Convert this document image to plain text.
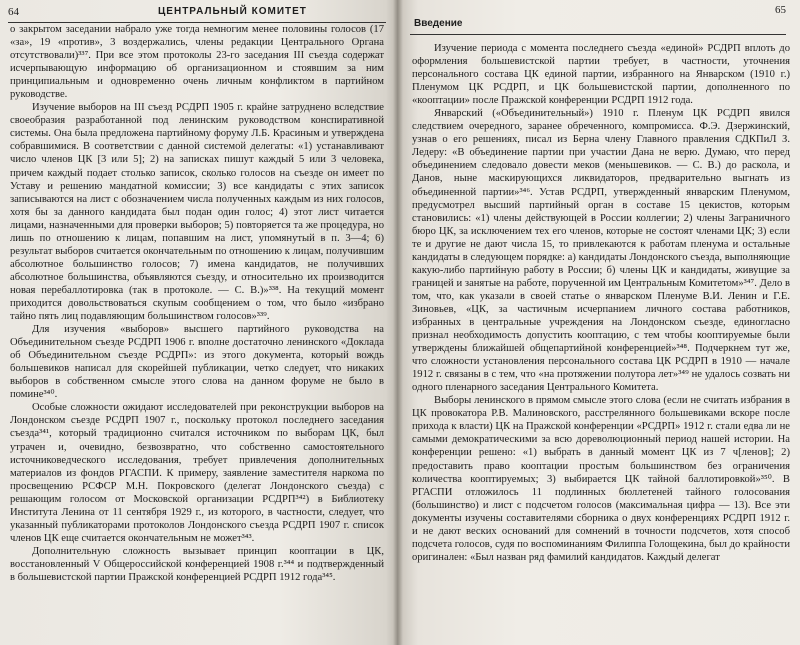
64	ЦЕНТРАЛЬНЫЙ КОМИТЕТ

о закрытом заседании набрало уже тогда немногим менее половины голосов (17 «за», 19 «против», 3 воздержались, члены редакции Центрального Органа отсутствовали)³³⁷. При все этом протоколы 23-го заседания III съезда содержат исчерпывающую информацию об организационном и стоявшим за ним принципиальным и одновременно очень личным конфликтом в партийном руководстве.

Изучение выборов на III съезд РСДРП 1905 г. крайне затруднено вследствие своеобразия разработанной под ленинским руководством конспиративной системы. Она была предложена партийному форуму Л.Б. Красиным и утверждена собравшимися. В соответствии с данной системой делегаты: «1) устанавливают число членов ЦК [3 или 5]; 2) на записках пишут каждый 5 или 3 человека, причем каждый подает столько записок, сколько голосов на съезде он имеет по Уставу и решению мандатной комиссии; 3) все кандидаты с этих записок записываются на лист с обозначением числа полученных каждым из них голосов, хотя бы за данного кандидата был подан один голос; 4) этот лист читается лицами, назначенными для проверки выборов; 5) повторяется та же процедура, но лишь по отношению к лицам, попавшим на лист, упомянутый в п. 3—4; 6) результат выборов считается окончательным по отношению к лицам, получившим абсолютное большинство голосов; 7) имена кандидатов, не получивших абсолютное большинства, объявляются съезду, и относительно их производится новая перебаллотировка (так в протоколе. — С. В.)»³³⁸. На текущий момент приходится довольствоваться скупым сообщением о том, что было «избрано тайно пять лиц подавляющим большинством голосов»³³⁹.

Для изучения «выборов» высшего партийного руководства на Объединительном съезде РСДРП 1906 г. вполне достаточно ленинского «Доклада об Объединительном съезде РСДРП»: из этого документа, который вождь большевиков написал для скорейшей публикации, четко следует, что никаких выборов в собственном смысле этого слова на данном форуме не было в помине³⁴⁰.

Особые сложности ожидают исследователей при реконструкции выборов на Лондонском съезде РСДРП 1907 г., поскольку протокол последнего заседания съезда³⁴¹, который традиционно считался источником по выборам ЦК, был утрачен и, очевидно, безвозвратно, что собственно самостоятельного источниковедческого исследования, требует привлечения дополнительных материалов из фондов РГАСПИ. К примеру, заявление заместителя наркома по просвещению РСФСР М.Н. Покровского (делегат Лондонского съезда) с решающим голосом от Московской организации РСДРП³⁴²) в Библиотеку Института Ленина от 11 сентября 1929 г., из которого, в частности, следует, что указанный публикаторами протоколов Лондонского съезда РСДРП 1907 г. список членов ЦК еще считается окончательным не может³⁴³.

Дополнительную сложность вызывает принцип кооптации в ЦК, восстановленный V Общероссийской конференцией 1908 г.³⁴⁴ и подтвержденный в большевистской партии Пражской конференцией РСДРП 1912 года³⁴⁵.

Введение
65

Изучение периода с момента последнего съезда «единой» РСДРП вплоть до оформления большевистской партии требует, в частности, уточнения персонального состава ЦК единой партии, избранного на Январском (1910 г.) Пленумом ЦК РСДРП, и ЦК большевистской партии, дополненного по «кооптации» после Пражской конференции РСДРП 1912 года.

Январский («Объединительный») 1910 г. Пленум ЦК РСДРП явился следствием очередного, заранее обреченного, компромисса. Ф.Э. Дзержинский, узнав о его решениях, писал из Берна члену Главного правления СДКПиЛ З. Ледеру: «В объединение партии при участии Дана не верю. Думаю, что перед объединением следовало довести меков (меньшевиков. — С. В.) до раскола, и Данов, ныне маскирующихся ликвидаторов, предварительно выгнать из объединенной партии»³⁴⁶. Устав РСДРП, утвержденный январским Пленумом, предусмотрел высший партийный орган в составе 15 цекистов, которым становились: «1) члены действующей в России коллегии; 2) члены Заграничного бюро ЦК, за исключением тех его членов, которые не состоят членами ЦК; 3) если те и другие не дают числа 15, то привлекаются к работам пленума и остальные кандидаты в следующем порядке: а) кандидаты Лондонского съезда, выполняющие какую-либо партийную работу в России; б) члены ЦК и кандидаты, живущие за границей и занятые на работе, порученной им Центральным Комитетом»³⁴⁷. Дело в том, что, как указали в своей статье о январском Пленуме В.И. Ленин и Г.Е. Зиновьев, «ЦК, за частичным исчерпанием личного состава работников, избранных в центральные учреждения на Лондонском съезде, единогласно признал необходимость допустить кооптацию, с тем чтобы кооптируемые были утверждены ближайшей общепартийной конференцией»³⁴⁸. Подчеркнем тут же, что сложности установления персонального состава ЦК РСДРП в 1910 — начале 1912 г. связаны в с тем, что «на протяжении полутора лет»³⁴⁹ не удалось созвать ни одного пленарного заседания Центрального Комитета.

Выборы ленинского в прямом смысле этого слова (если не считать избрания в ЦК провокатора Р.В. Малиновского, расстрелянного большевиками вскоре после прихода к власти) ЦК на Пражской конференции «РСДРП» 1912 г. стали едва ли не самыми демократическими за всю дореволюционный период нашей истории. На конференции решено: «1) выбрать в данный момент ЦК из 7 ч[ленов]; 2) предоставить право кооптации простым большинством без ограничения количества кооптируемых; 3) выбирается ЦК тайной баллотировкой»³⁵⁰. В РГАСПИ отложилось 11 подлинных бюллетеней тайного голосования (большинство) и лист с подсчетом голосов (максимальная цифра — 13). Все эти документы изучены составителями сборника о двух конференциях РСДРП 1912 г. и не дают веских оснований для сомнений в точности подсчетов, хотя способ подсчета голосов, судя по воспоминаниям Филиппа Голощекина, был до крайности оригинален: «Был назван ряд фамилий кандидатов. Каждый делегат
